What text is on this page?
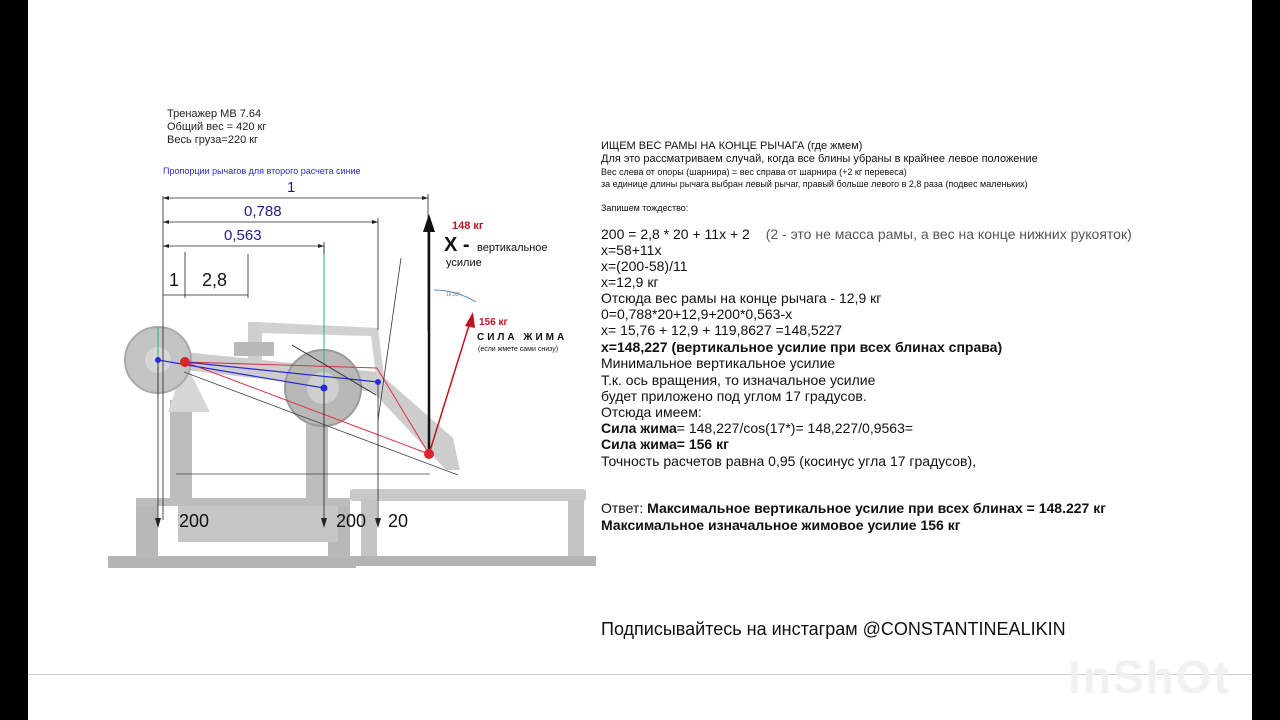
16,93°
Тренажер MB 7.64
Общий вес = 420 кг
Весь груза=220 кг
Пропорции рычагов для второго расчета синие
1
0,788
0,563
1 2,8
148 кг
X - вертикальное
усилие
156 кг
СИЛА ЖИМА
(если жмете сами снизу)
200	200 20
ИЩЕМ ВЕС РАМЫ НА КОНЦЕ РЫЧАГА (где жмем)
Для это рассматриваем случай, когда все блины убраны в крайнее левое положение
Вес слева от опоры (шарнира) = вес справа от шарнира (+2 кг перевеса)
за единице длины рычага выбран левый рычаг, правый больше левого в 2,8 раза (подвес маленьких)
Запишем тождество:
200 = 2,8 * 20 + 11x + 2 (2 - это не масса рамы, а вес на конце нижних рукояток)
x=58+11x
x=(200-58)/11
x=12,9 кг
Отсюда вес рамы на конце рычага - 12,9 кг
0=0,788*20+12,9+200*0,563-x
x= 15,76 + 12,9 + 119,8627 =148,5227
x=148,227 (вертикальное усилие при всех блинах справа)
Минимальное вертикальное усилие
Т.к. ось вращения, то изначальное усилие
будет приложено под углом 17 градусов.
Отсюда имеем:
Сила жима= 148,227/cos(17*)= 148,227/0,9563=
Сила жима= 156 кг
Точность расчетов равна 0,95 (косинус угла 17 градусов),
Ответ: Максимальное вертикальное усилие при всех блинах = 148.227 кг
Максимальное изначальное жимовое усилие 156 кг
Подписывайтесь на инстаграм @CONSTANTINEALIKIN
InShOt
